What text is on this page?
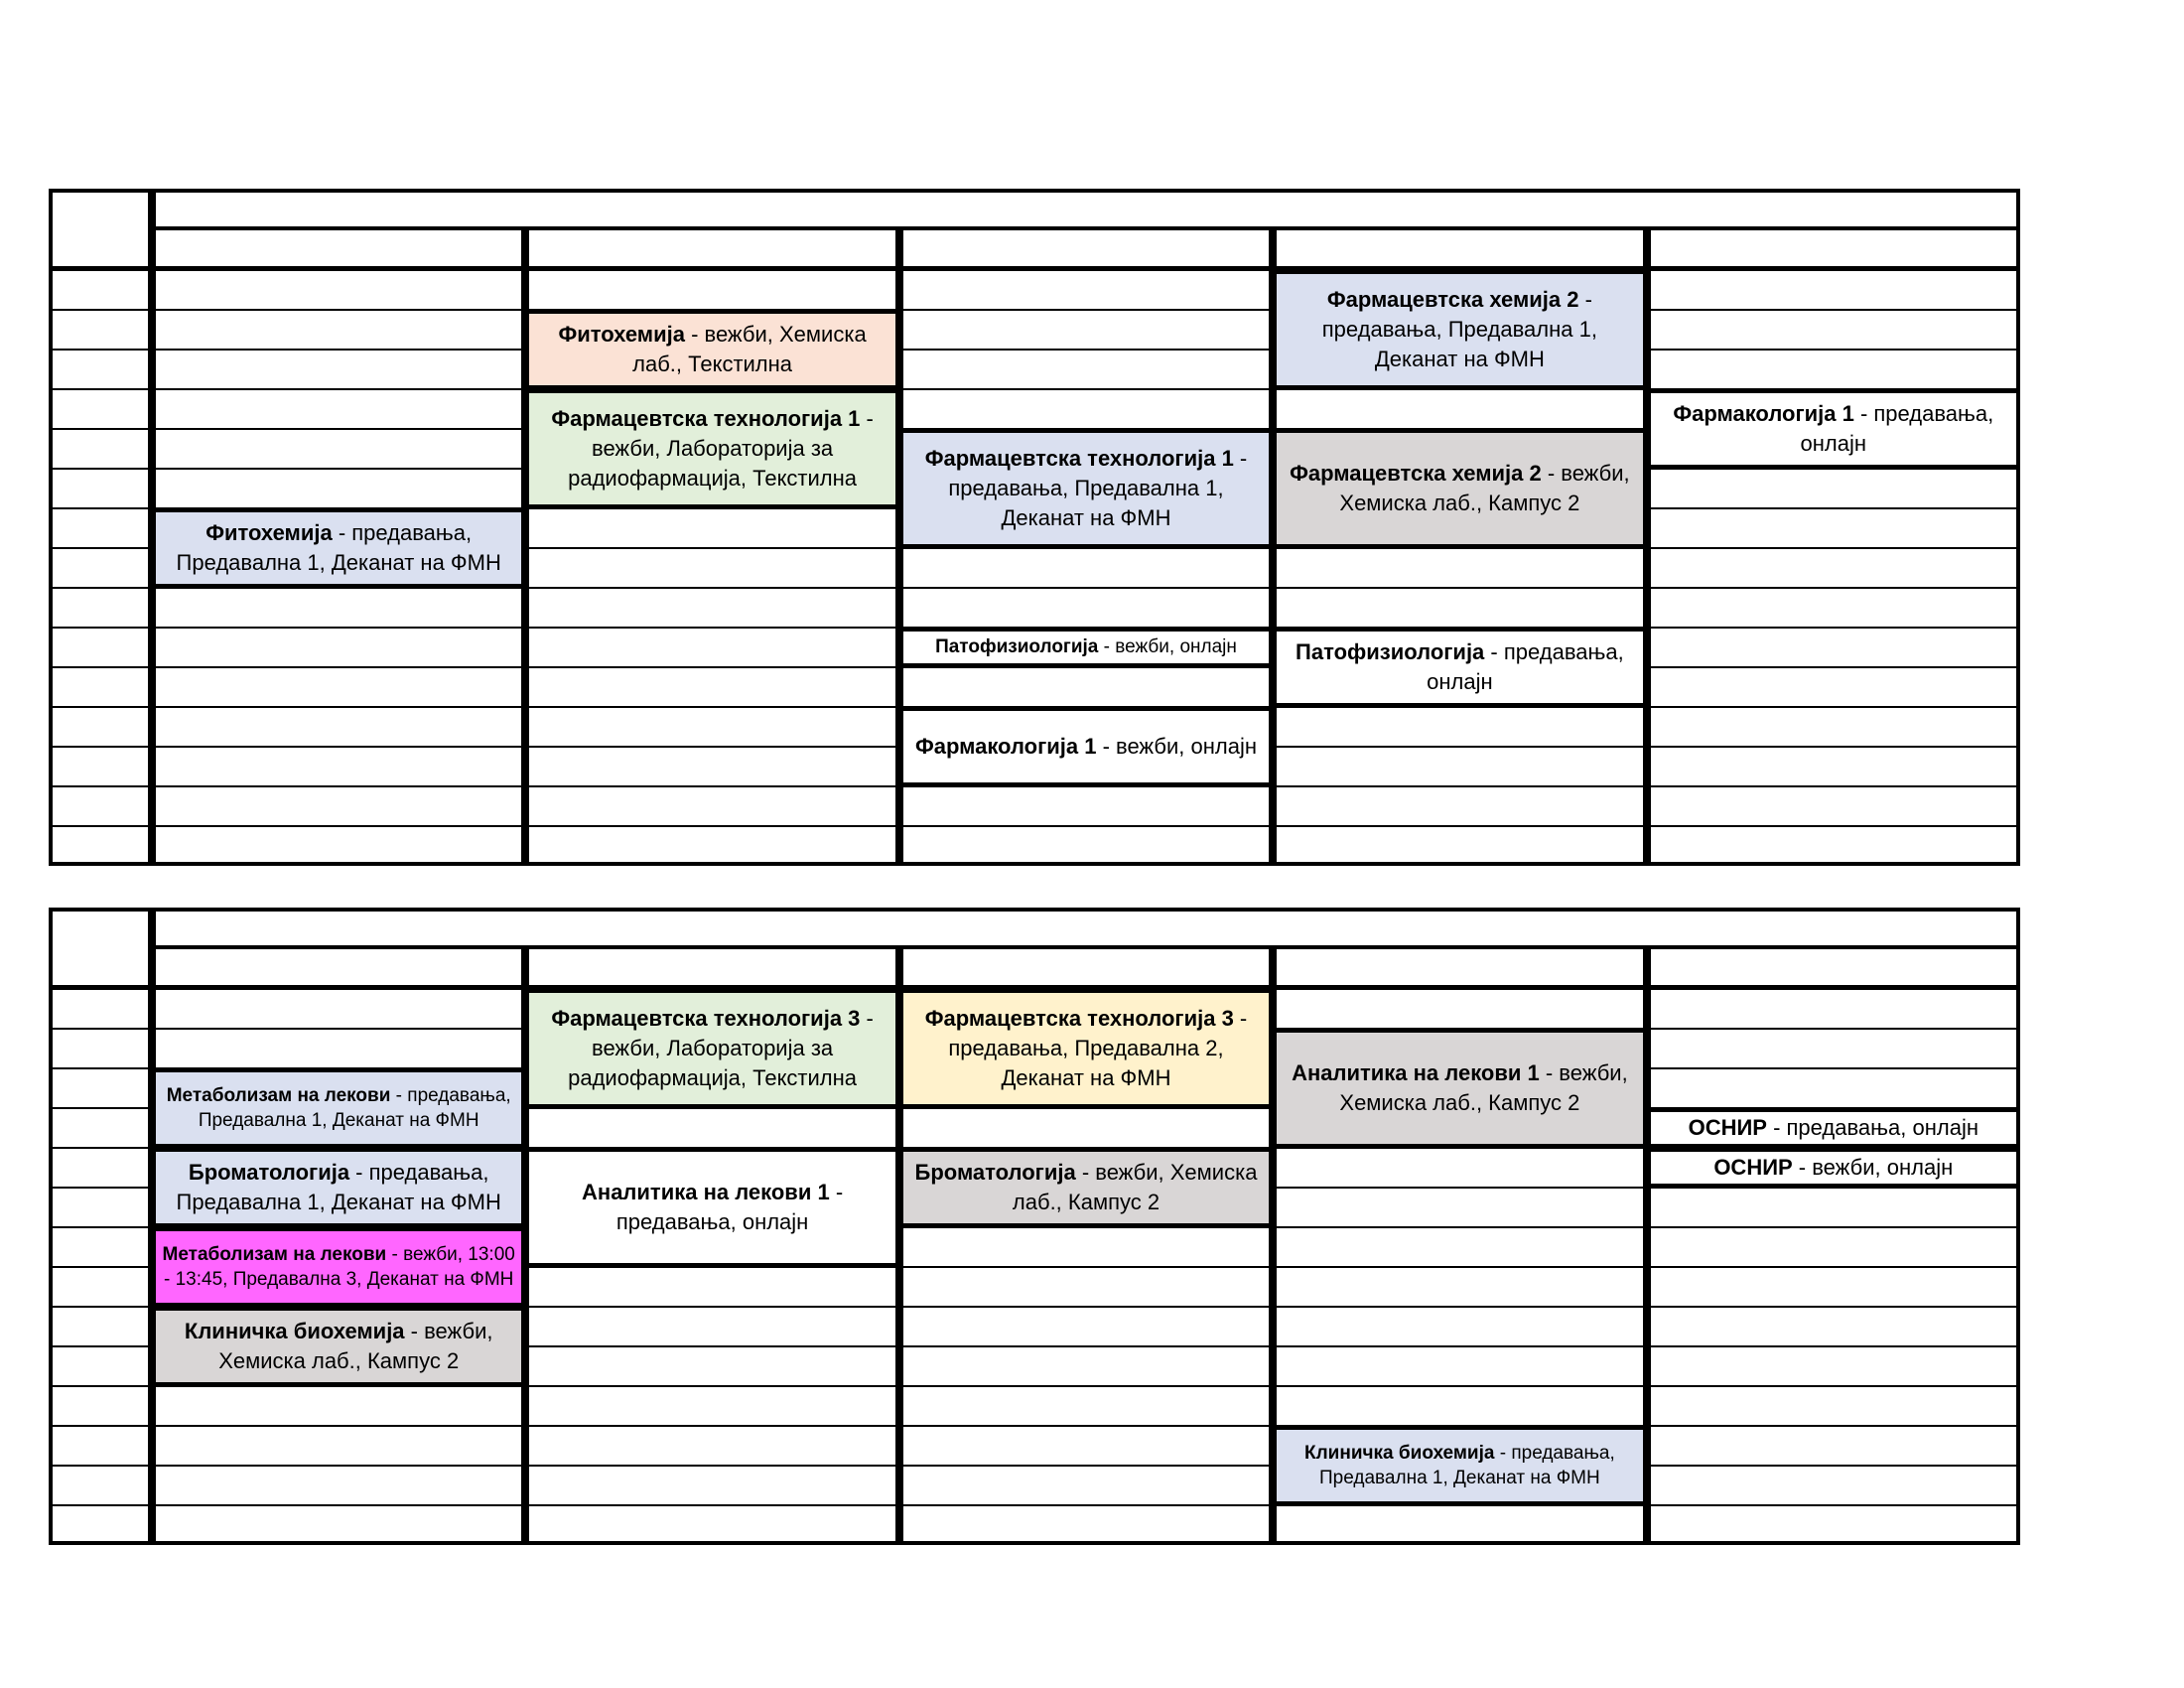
Фитохемија - вежби, Хемиска лаб., Текстилна
Фармацевтска технологија 1 - вежби, Лабораторија за радиофармација, Текстилна
Фитохемија - предавања, Предавална 1, Деканат на ФМН
Фармацевтска технологија 1 - предавања, Предавална 1, Деканат на ФМН
Патофизиологија - вежби, онлајн
Фармакологија 1 - вежби, онлајн
Фармацевтска хемија 2 - предавања, Предавална 1, Деканат на ФМН
Фармацевтска хемија 2 - вежби, Хемиска лаб., Кампус 2
Патофизиологија - предавања, онлајн
Фармакологија 1 - предавања, онлајн
Метаболизам на лекови - предавања, Предавална 1, Деканат на ФМН
Броматологија - предавања, Предавална 1, Деканат на ФМН
Метаболизам на лекови - вежби, 13:00 - 13:45, Предавална 3, Деканат на ФМН
Клиничка биохемија - вежби, Хемиска лаб., Кампус 2
Фармацевтска технологија 3 - вежби, Лабораторија за радиофармација, Текстилна
Аналитика на лекови 1 - предавања, онлајн
Фармацевтска технологија 3 - предавања, Предавална 2, Деканат на ФМН
Броматологија - вежби, Хемиска лаб., Кампус 2
Аналитика на лекови 1 - вежби, Хемиска лаб., Кампус 2
Клиничка биохемија - предавања, Предавална 1, Деканат на ФМН
ОСНИР - предавања, онлајн
ОСНИР - вежби, онлајн
